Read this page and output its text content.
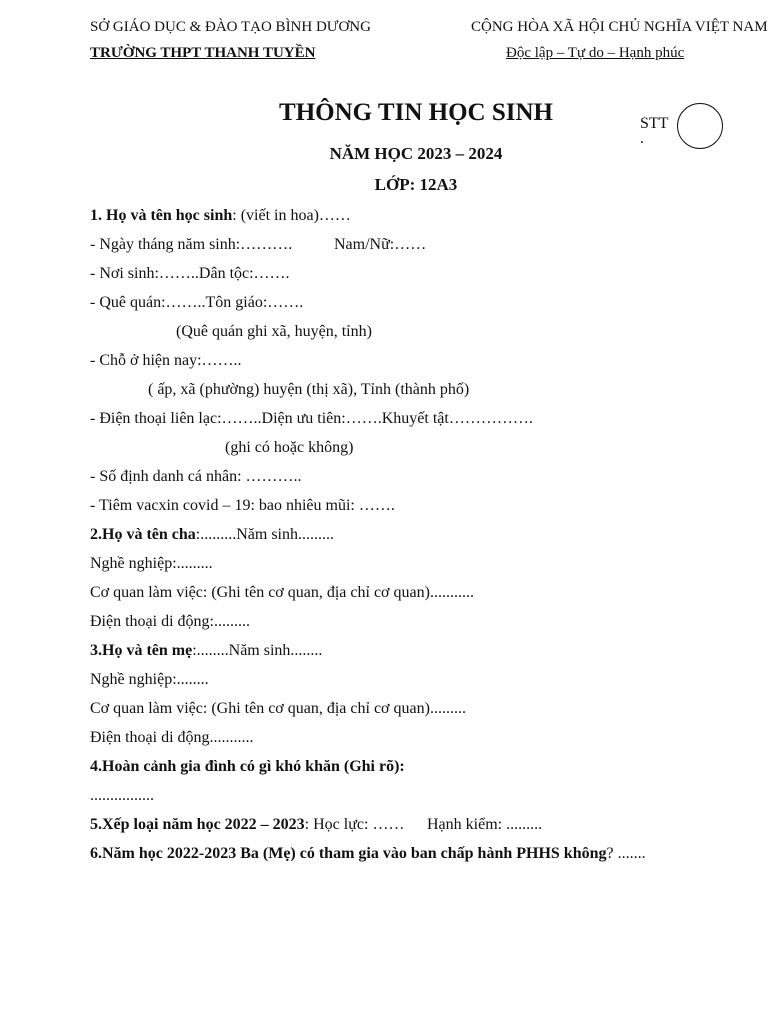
SỞ GIÁO DỤC & ĐÀO TẠO BÌNH DƯƠNG
TRƯỜNG THPT THANH TUYỀN
CỘNG HÒA XÃ HỘI CHỦ NGHĨA VIỆT NAM
Độc lập – Tự do – Hạnh phúc
THÔNG TIN HỌC SINH
NĂM HỌC 2023 – 2024
LỚP: 12A3
STT
.
1. Họ và tên học sinh: (viết in hoa)……
- Ngày tháng năm sinh:……….	Nam/Nữ:……
- Nơi sinh:……..Dân tộc:…….
- Quê quán:……..Tôn giáo:…….
(Quê quán ghi xã, huyện, tỉnh)
- Chỗ ở hiện nay:……..
( ấp, xã (phường) huyện (thị xã), Tỉnh (thành phố)
- Điện thoại liên lạc:……..Diện ưu tiên:…….Khuyết tật…………….
(ghi có hoặc không)
- Số định danh cá nhân: ………..
- Tiêm vacxin covid – 19: bao nhiêu mũi: …….
2.Họ và tên cha:.........Năm sinh.........
Nghề nghiệp:.........
Cơ quan làm việc: (Ghi tên cơ quan, địa chỉ cơ quan)...........
Điện thoại di động:.........
3.Họ và tên mẹ:........Năm sinh........
Nghề nghiệp:........
Cơ quan làm việc: (Ghi tên cơ quan, địa chỉ cơ quan).........
Điện thoại di động...........
4.Hoàn cảnh gia đình có gì khó khăn (Ghi rõ):
................
5.Xếp loại năm học 2022 – 2023: Học lực: …… Hạnh kiểm: .........
6.Năm học 2022-2023 Ba (Mẹ) có tham gia vào ban chấp hành PHHS không? .......
